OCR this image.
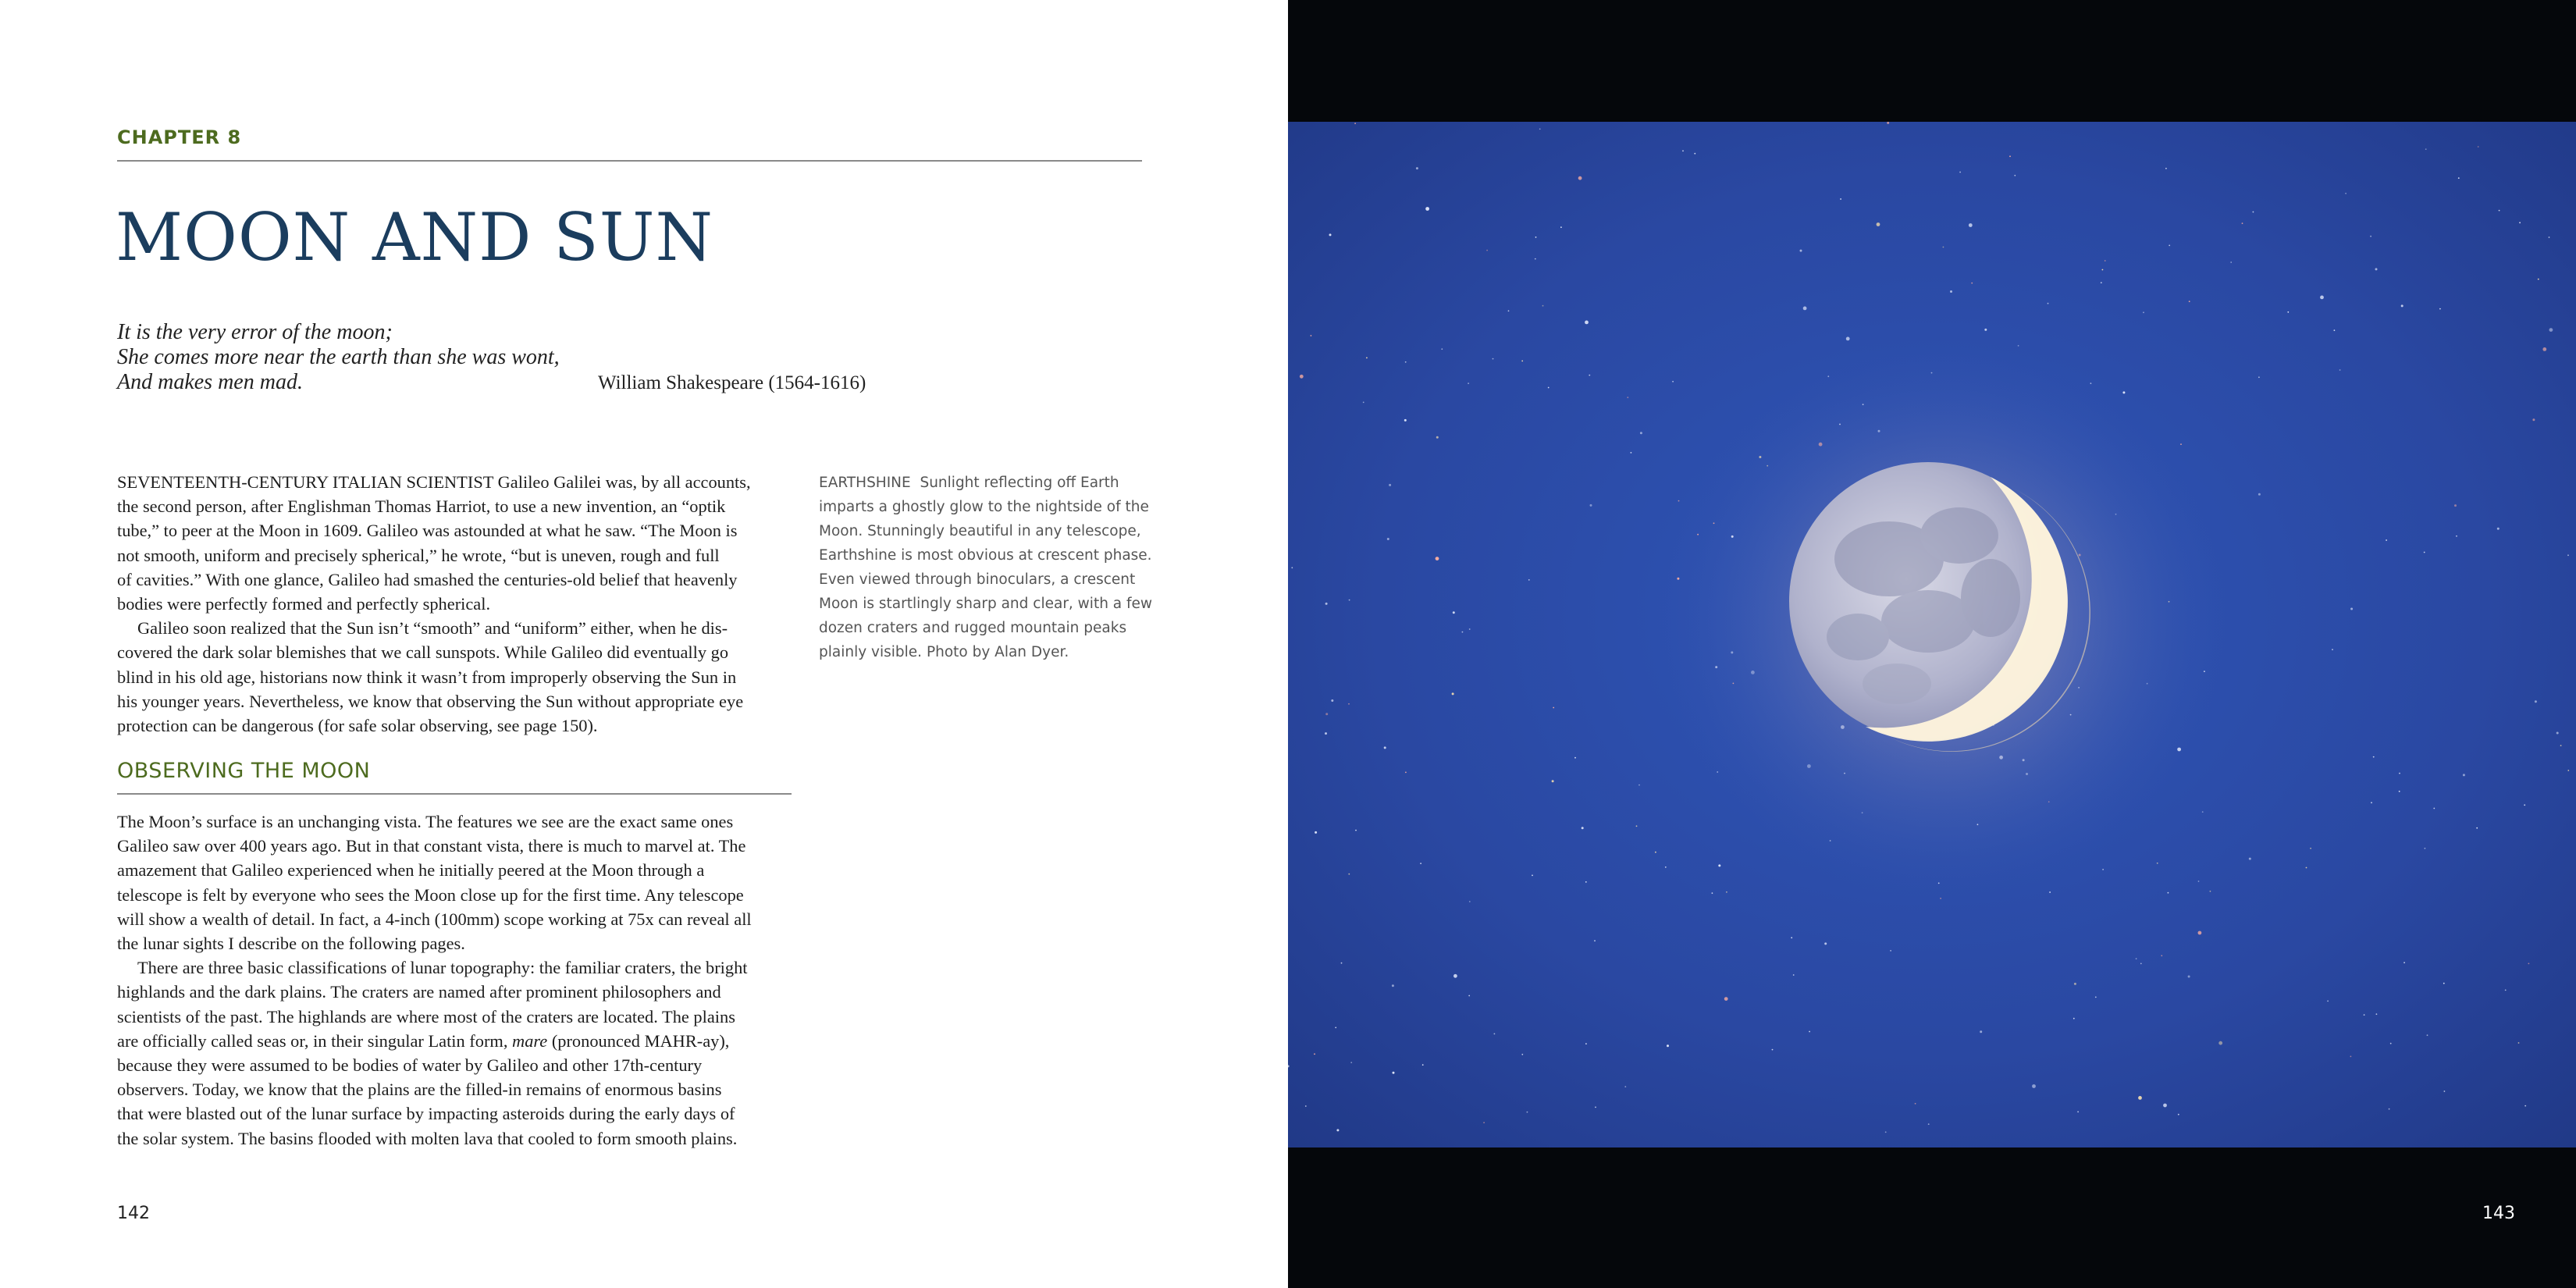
CHAPTER 8
MOON AND SUN
It is the very error of the moon;
She comes more near the earth than she was wont,
And makes men mad.	William Shakespeare (1564-1616)

SEVENTEENTH-CENTURY ITALIAN SCIENTIST Galileo Galilei was, by all accounts,

the second person, after Englishman Thomas Harriot, to use a new invention, an “optik

tube,” to peer at the Moon in 1609. Galileo was astounded at what he saw. “The Moon is

not smooth, uniform and precisely spherical,” he wrote, “but is uneven, rough and full

of cavities.” With one glance, Galileo had smashed the centuries-old belief that heavenly

bodies were perfectly formed and perfectly spherical.

Galileo soon realized that the Sun isn’t “smooth” and “uniform” either, when he dis-

covered the dark solar blemishes that we call sunspots. While Galileo did eventually go

blind in his old age, historians now think it wasn’t from improperly observing the Sun in

his younger years. Nevertheless, we know that observing the Sun without appropriate eye

protection can be dangerous (for safe solar observing, see page 150).

OBSERVING THE MOON

The Moon’s surface is an unchanging vista. The features we see are the exact same ones

Galileo saw over 400 years ago. But in that constant vista, there is much to marvel at. The

amazement that Galileo experienced when he initially peered at the Moon through a

telescope is felt by everyone who sees the Moon close up for the first time. Any telescope

will show a wealth of detail. In fact, a 4-inch (100mm) scope working at 75x can reveal all

the lunar sights I describe on the following pages.

There are three basic classifications of lunar topography: the familiar craters, the bright

highlands and the dark plains. The craters are named after prominent philosophers and

scientists of the past. The highlands are where most of the craters are located. The plains

are officially called seas or, in their singular Latin form, mare (pronounced MAHR-ay),

because they were assumed to be bodies of water by Galileo and other 17th-century

observers. Today, we know that the plains are the filled-in remains of enormous basins

that were blasted out of the lunar surface by impacting asteroids during the early days of

the solar system. The basins flooded with molten lava that cooled to form smooth plains.

EARTHSHINE Sunlight reflecting off Earth
imparts a ghostly glow to the nightside of the
Moon. Stunningly beautiful in any telescope,
Earthshine is most obvious at crescent phase.
Even viewed through binoculars, a crescent
Moon is startlingly sharp and clear, with a few
dozen craters and rugged mountain peaks
plainly visible. Photo by Alan Dyer.
142	143
